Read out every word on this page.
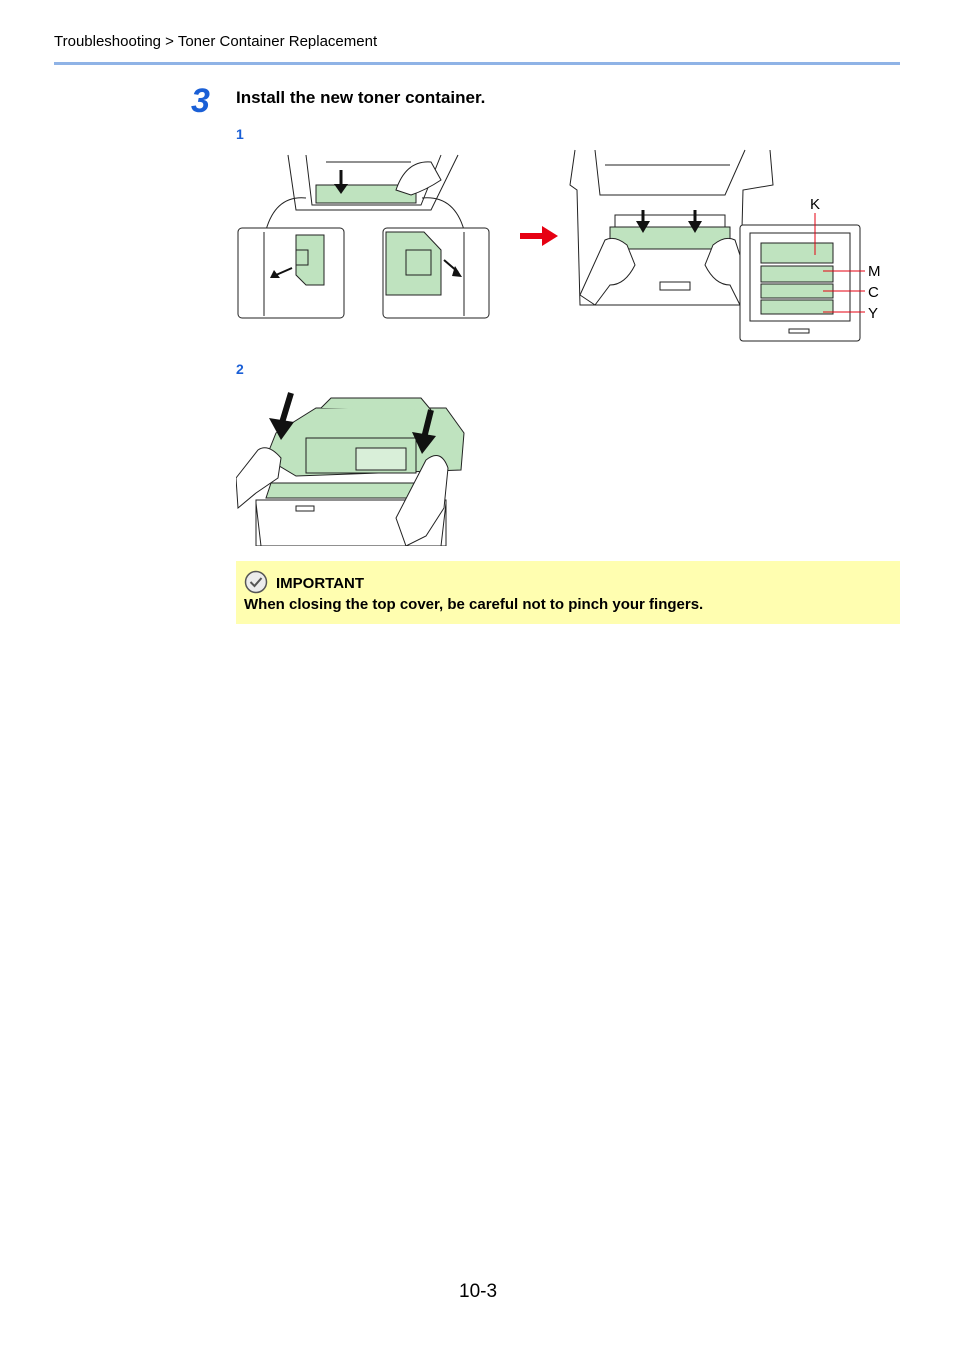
Troubleshooting > Toner Container Replacement
3 Install the new toner container.
1
K
M
C
Y
2
IMPORTANT
When closing the top cover, be careful not to pinch your fingers.
10-3
